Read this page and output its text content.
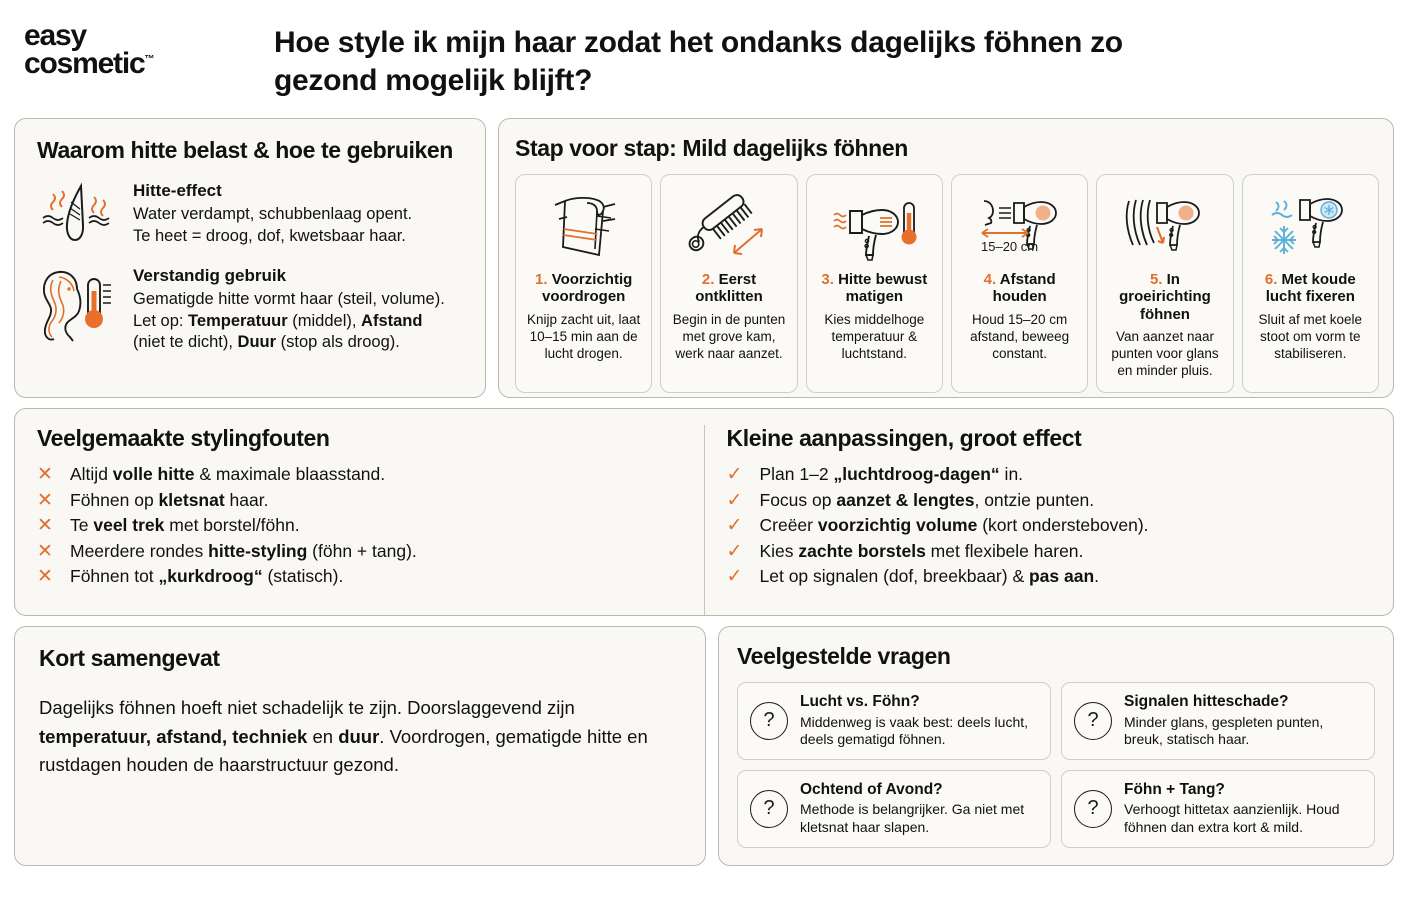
easy
cosmetic™
Hoe style ik mijn haar zodat het ondanks dagelijks föhnen zo gezond mogelijk blijft?
Waarom hitte belast & hoe te gebruiken
Hitte-effect
Water verdampt, schubbenlaag opent.
Te heet = droog, dof, kwetsbaar haar.
Verstandig gebruik
Gematigde hitte vormt haar (steil, volume).
Let op: Temperatuur (middel), Afstand
(niet te dicht), Duur (stop als droog).
Stap voor stap: Mild dagelijks föhnen
1. Voorzichtig voordrogen
Knijp zacht uit, laat 10–15 min aan de lucht drogen.
2. Eerst ontklitten
Begin in de punten met grove kam, werk naar aanzet.
3. Hitte bewust matigen
Kies middelhoge temperatuur & luchtstand.
15–20 cm
4. Afstand houden
Houd 15–20 cm afstand, beweeg constant.
5. In groeirichting föhnen
Van aanzet naar punten voor glans en minder pluis.
6. Met koude lucht fixeren
Sluit af met koele stoot om vorm te stabiliseren.
Veelgemaakte stylingfouten
✕ Altijd volle hitte & maximale blaasstand.
✕ Föhnen op kletsnat haar.
✕ Te veel trek met borstel/föhn.
✕ Meerdere rondes hitte-styling (föhn + tang).
✕ Föhnen tot „kurkdroog“ (statisch).
Kleine aanpassingen, groot effect
✓ Plan 1–2 „luchtdroog-dagen“ in.
✓ Focus op aanzet & lengtes, ontzie punten.
✓ Creëer voorzichtig volume (kort ondersteboven).
✓ Kies zachte borstels met flexibele haren.
✓ Let op signalen (dof, breekbaar) & pas aan.
Kort samengevat
Dagelijks föhnen hoeft niet schadelijk te zijn. Doorslaggevend zijn temperatuur, afstand, techniek en duur. Voordrogen, gematigde hitte en rustdagen houden de haarstructuur gezond.
Veelgestelde vragen
?
Lucht vs. Föhn?
Middenweg is vaak best: deels lucht, deels gematigd föhnen.
?
Signalen hitteschade?
Minder glans, gespleten punten, breuk, statisch haar.
?
Ochtend of Avond?
Methode is belangrijker. Ga niet met kletsnat haar slapen.
?
Föhn + Tang?
Verhoogt hittetax aanzienlijk. Houd föhnen dan extra kort & mild.
